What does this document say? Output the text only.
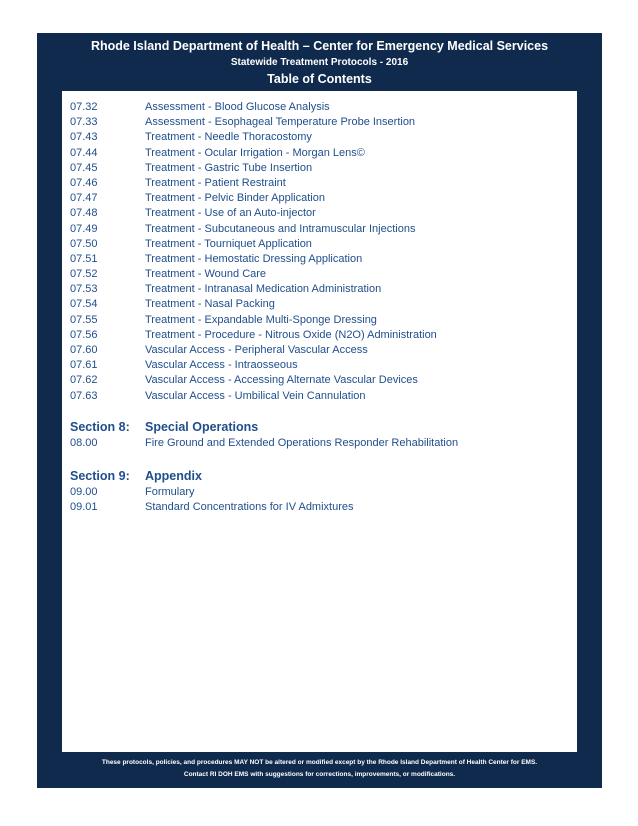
Rhode Island Department of Health – Center for Emergency Medical Services
Statewide Treatment Protocols - 2016
Table of Contents
07.32	Assessment - Blood Glucose Analysis
07.33	Assessment - Esophageal Temperature Probe Insertion
07.43	Treatment - Needle Thoracostomy
07.44	Treatment - Ocular Irrigation - Morgan Lens©
07.45	Treatment - Gastric Tube Insertion
07.46	Treatment - Patient Restraint
07.47	Treatment - Pelvic Binder Application
07.48	Treatment - Use of an Auto-injector
07.49	Treatment - Subcutaneous and Intramuscular Injections
07.50	Treatment - Tourniquet Application
07.51	Treatment - Hemostatic Dressing Application
07.52	Treatment - Wound Care
07.53	Treatment - Intranasal Medication Administration
07.54	Treatment - Nasal Packing
07.55	Treatment - Expandable Multi-Sponge Dressing
07.56	Treatment - Procedure - Nitrous Oxide (N2O) Administration
07.60	Vascular Access - Peripheral Vascular Access
07.61	Vascular Access - Intraosseous
07.62	Vascular Access - Accessing Alternate Vascular Devices
07.63	Vascular Access - Umbilical Vein Cannulation
Section 8: Special Operations
08.00	Fire Ground and Extended Operations Responder Rehabilitation
Section 9: Appendix
09.00	Formulary
09.01	Standard Concentrations for IV Admixtures
These protocols, policies, and procedures MAY NOT be altered or modified except by the Rhode Island Department of Health Center for EMS.
Contact RI DOH EMS with suggestions for corrections, improvements, or modifications.
